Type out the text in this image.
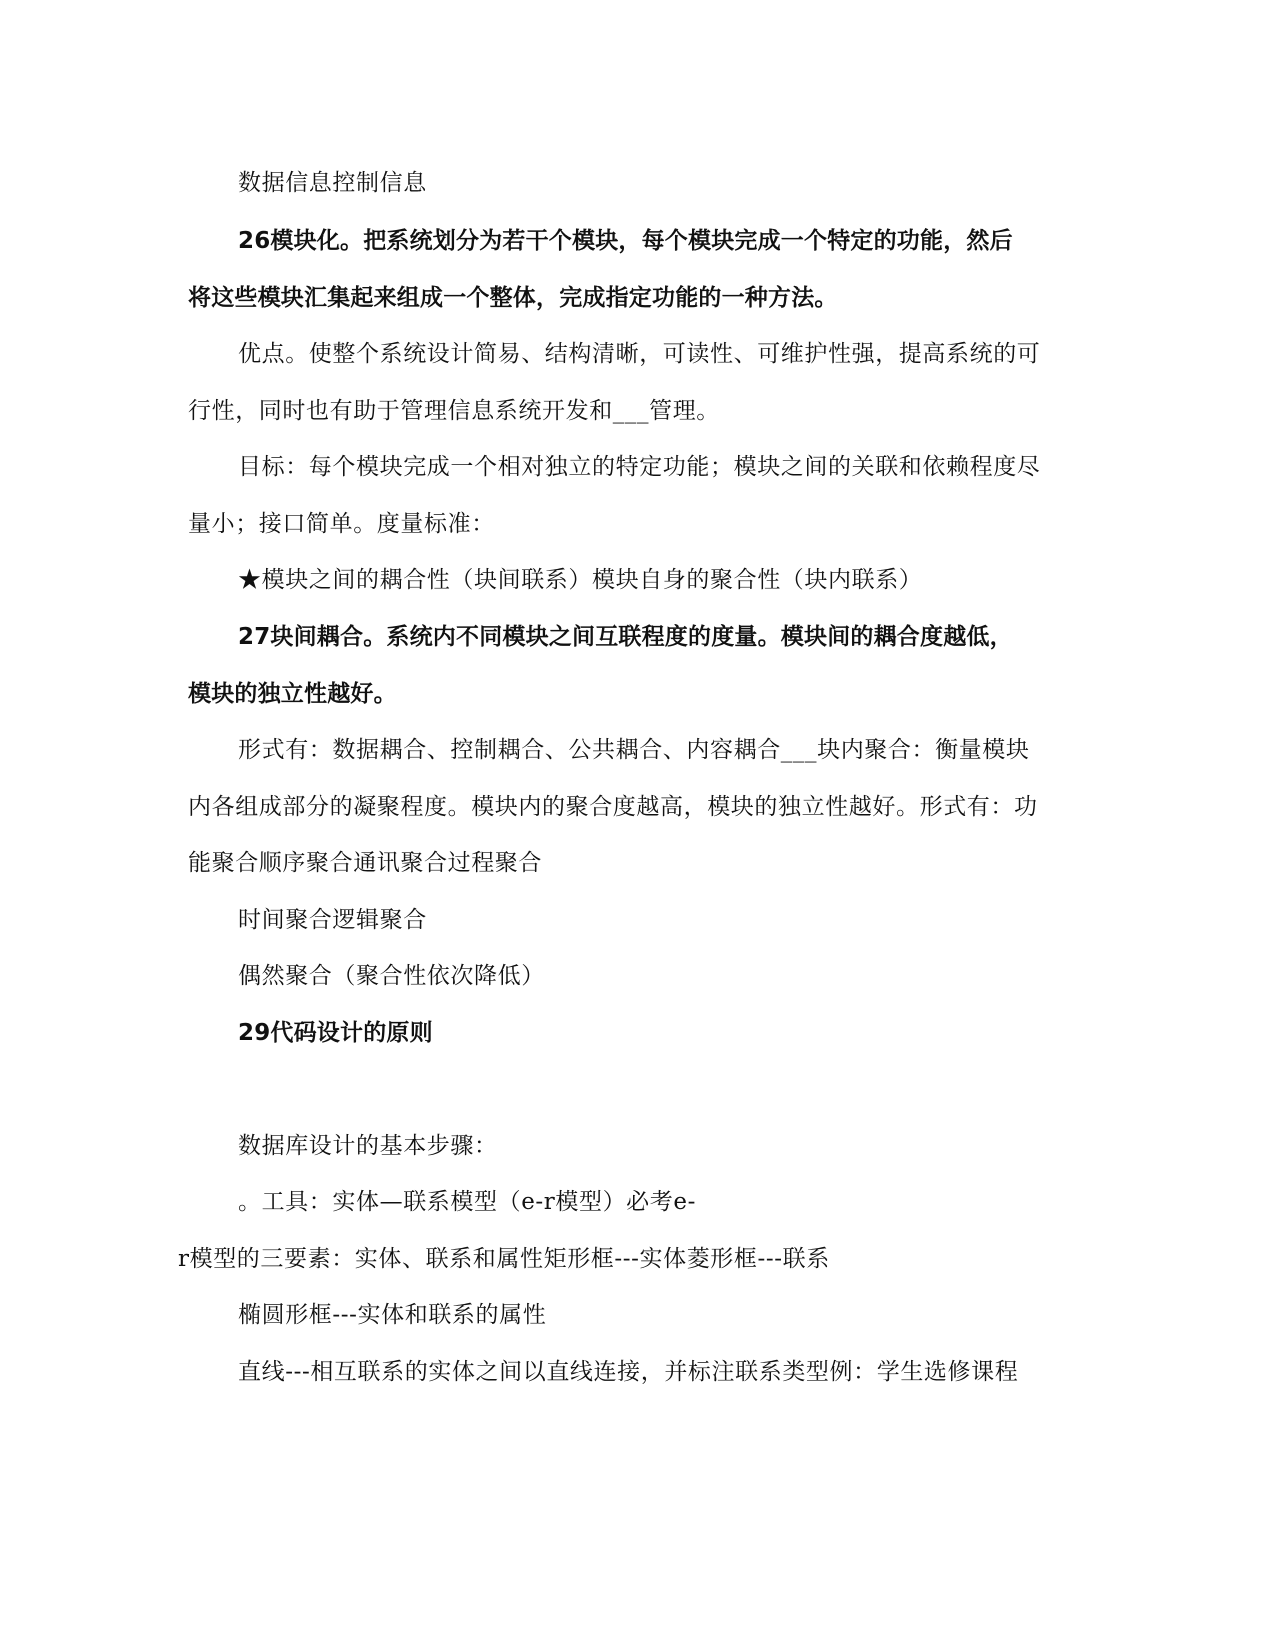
数据信息控制信息
26模块化。把系统划分为若干个模块，每个模块完成一个特定的功能，然后
将这些模块汇集起来组成一个整体，完成指定功能的一种方法。
优点。使整个系统设计简易、结构清晰，可读性、可维护性强，提高系统的可
行性，同时也有助于管理信息系统开发和___管理。
目标：每个模块完成一个相对独立的特定功能；模块之间的关联和依赖程度尽
量小；接口简单。度量标准：
★模块之间的耦合性（块间联系）模块自身的聚合性（块内联系）
27块间耦合。系统内不同模块之间互联程度的度量。模块间的耦合度越低，
模块的独立性越好。
形式有：数据耦合、控制耦合、公共耦合、内容耦合___块内聚合：衡量模块
内各组成部分的凝聚程度。模块内的聚合度越高，模块的独立性越好。形式有：功
能聚合顺序聚合通讯聚合过程聚合
时间聚合逻辑聚合
偶然聚合（聚合性依次降低）
29代码设计的原则
数据库设计的基本步骤：
。工具：实体—联系模型（e-r模型）必考e-
r模型的三要素：实体、联系和属性矩形框---实体菱形框---联系
椭圆形框---实体和联系的属性
直线---相互联系的实体之间以直线连接，并标注联系类型例：学生选修课程
